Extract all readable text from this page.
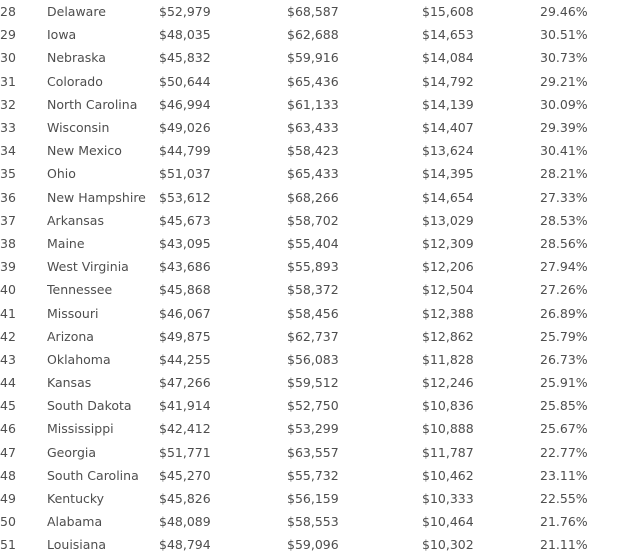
28	Delaware	$52,979	$68,587	$15,608	29.46%
29	Iowa	$48,035	$62,688	$14,653	30.51%
30	Nebraska	$45,832	$59,916	$14,084	30.73%
31	Colorado	$50,644	$65,436	$14,792	29.21%
32	North Carolina	$46,994	$61,133	$14,139	30.09%
33	Wisconsin	$49,026	$63,433	$14,407	29.39%
34	New Mexico	$44,799	$58,423	$13,624	30.41%
35	Ohio	$51,037	$65,433	$14,395	28.21%
36	New Hampshire	$53,612	$68,266	$14,654	27.33%
37	Arkansas	$45,673	$58,702	$13,029	28.53%
38	Maine	$43,095	$55,404	$12,309	28.56%
39	West Virginia	$43,686	$55,893	$12,206	27.94%
40	Tennessee	$45,868	$58,372	$12,504	27.26%
41	Missouri	$46,067	$58,456	$12,388	26.89%
42	Arizona	$49,875	$62,737	$12,862	25.79%
43	Oklahoma	$44,255	$56,083	$11,828	26.73%
44	Kansas	$47,266	$59,512	$12,246	25.91%
45	South Dakota	$41,914	$52,750	$10,836	25.85%
46	Mississippi	$42,412	$53,299	$10,888	25.67%
47	Georgia	$51,771	$63,557	$11,787	22.77%
48	South Carolina	$45,270	$55,732	$10,462	23.11%
49	Kentucky	$45,826	$56,159	$10,333	22.55%
50	Alabama	$48,089	$58,553	$10,464	21.76%
51	Louisiana	$48,794	$59,096	$10,302	21.11%
